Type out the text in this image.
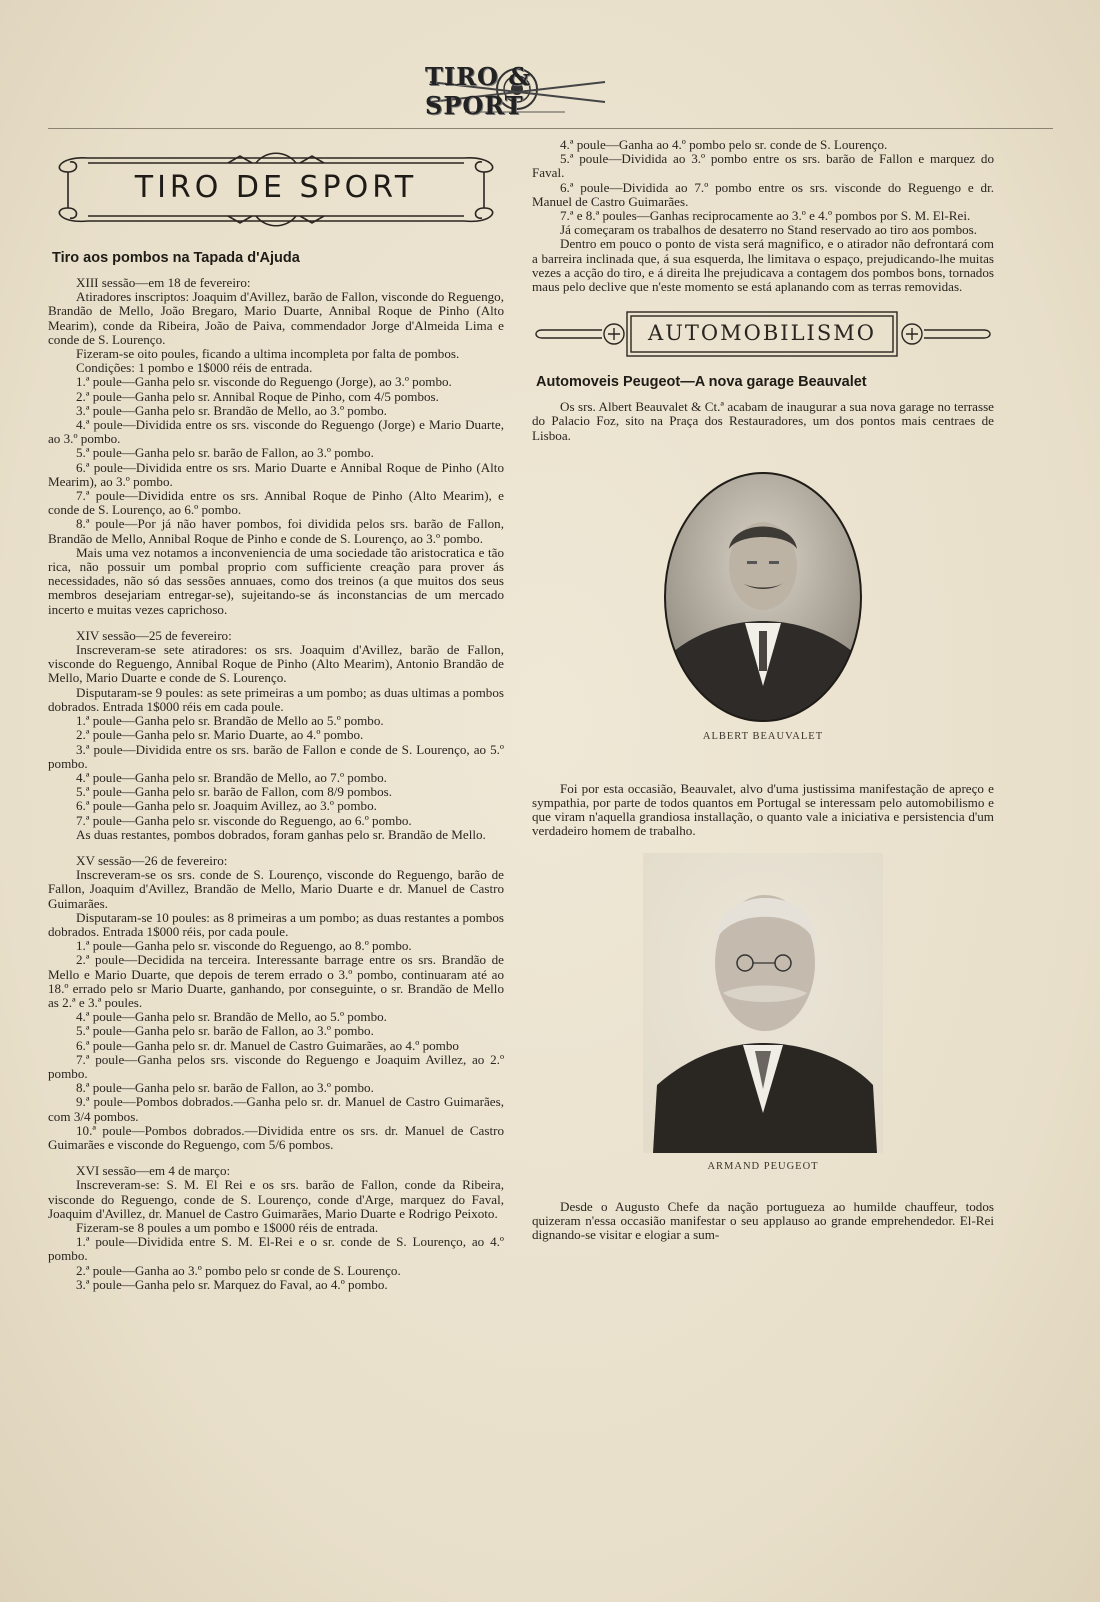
TIRO & SPORT
TIRO DE SPORT
Tiro aos pombos na Tapada d'Ajuda

XIII sessão—em 18 de fevereiro:

Atiradores inscriptos: Joaquim d'Avillez, barão de Fallon, visconde do Reguengo, Brandão de Mello, João Bregaro, Mario Duarte, Annibal Roque de Pinho (Alto Mearim), conde da Ribeira, João de Paiva, commendador Jorge d'Almeida Lima e conde de S. Lourenço.

Fizeram-se oito poules, ficando a ultima incompleta por falta de pombos.

Condições: 1 pombo e 1$000 réis de entrada.

1.ª poule—Ganha pelo sr. visconde do Reguengo (Jorge), ao 3.º pombo.

2.ª poule—Ganha pelo sr. Annibal Roque de Pinho, com 4/5 pombos.

3.ª poule—Ganha pelo sr. Brandão de Mello, ao 3.º pombo.

4.ª poule—Dividida entre os srs. visconde do Reguengo (Jorge) e Mario Duarte, ao 3.º pombo.

5.ª poule—Ganha pelo sr. barão de Fallon, ao 3.º pombo.

6.ª poule—Dividida entre os srs. Mario Duarte e Annibal Roque de Pinho (Alto Mearim), ao 3.º pombo.

7.ª poule—Dividida entre os srs. Annibal Roque de Pinho (Alto Mearim), e conde de S. Lourenço, ao 6.º pombo.

8.ª poule—Por já não haver pombos, foi dividida pelos srs. barão de Fallon, Brandão de Mello, Annibal Roque de Pinho e conde de S. Lourenço, ao 3.º pombo.

Mais uma vez notamos a inconveniencia de uma sociedade tão aristocratica e tão rica, não possuir um pombal proprio com sufficiente creação para prover ás necessidades, não só das sessões annuaes, como dos treinos (a que muitos dos seus membros desejariam entregar-se), sujeitando-se ás inconstancias de um mercado incerto e muitas vezes caprichoso.

XIV sessão—25 de fevereiro:

Inscreveram-se sete atiradores: os srs. Joaquim d'Avillez, barão de Fallon, visconde do Reguengo, Annibal Roque de Pinho (Alto Mearim), Antonio Brandão de Mello, Mario Duarte e conde de S. Lourenço.

Disputaram-se 9 poules: as sete primeiras a um pombo; as duas ultimas a pombos dobrados. Entrada 1$000 réis em cada poule.

1.ª poule—Ganha pelo sr. Brandão de Mello ao 5.º pombo.

2.ª poule—Ganha pelo sr. Mario Duarte, ao 4.º pombo.

3.ª poule—Dividida entre os srs. barão de Fallon e conde de S. Lourenço, ao 5.º pombo.

4.ª poule—Ganha pelo sr. Brandão de Mello, ao 7.º pombo.

5.ª poule—Ganha pelo sr. barão de Fallon, com 8/9 pombos.

6.ª poule—Ganha pelo sr. Joaquim Avillez, ao 3.º pombo.

7.ª poule—Ganha pelo sr. visconde do Reguengo, ao 6.º pombo.

As duas restantes, pombos dobrados, foram ganhas pelo sr. Brandão de Mello.

XV sessão—26 de fevereiro:

Inscreveram-se os srs. conde de S. Lourenço, visconde do Reguengo, barão de Fallon, Joaquim d'Avillez, Brandão de Mello, Mario Duarte e dr. Manuel de Castro Guimarães.

Disputaram-se 10 poules: as 8 primeiras a um pombo; as duas restantes a pombos dobrados. Entrada 1$000 réis, por cada poule.

1.ª poule—Ganha pelo sr. visconde do Reguengo, ao 8.º pombo.

2.ª poule—Decidida na terceira. Interessante barrage entre os srs. Brandão de Mello e Mario Duarte, que depois de terem errado o 3.º pombo, continuaram até ao 18.º errado pelo sr Mario Duarte, ganhando, por conseguinte, o sr. Brandão de Mello as 2.ª e 3.ª poules.

4.ª poule—Ganha pelo sr. Brandão de Mello, ao 5.º pombo.

5.ª poule—Ganha pelo sr. barão de Fallon, ao 3.º pombo.

6.ª poule—Ganha pelo sr. dr. Manuel de Castro Guimarães, ao 4.º pombo

7.ª poule—Ganha pelos srs. visconde do Reguengo e Joaquim Avillez, ao 2.º pombo.

8.ª poule—Ganha pelo sr. barão de Fallon, ao 3.º pombo.

9.ª poule—Pombos dobrados.—Ganha pelo sr. dr. Manuel de Castro Guimarães, com 3/4 pombos.

10.ª poule—Pombos dobrados.—Dividida entre os srs. dr. Manuel de Castro Guimarães e visconde do Reguengo, com 5/6 pombos.

XVI sessão—em 4 de março:

Inscreveram-se: S. M. El Rei e os srs. barão de Fallon, conde da Ribeira, visconde do Reguengo, conde de S. Lourenço, conde d'Arge, marquez do Faval, Joaquim d'Avillez, dr. Manuel de Castro Guimarães, Mario Duarte e Rodrigo Peixoto.

Fizeram-se 8 poules a um pombo e 1$000 réis de entrada.

1.ª poule—Dividida entre S. M. El-Rei e o sr. conde de S. Lourenço, ao 4.º pombo.

2.ª poule—Ganha ao 3.º pombo pelo sr conde de S. Lourenço.

3.ª poule—Ganha pelo sr. Marquez do Faval, ao 4.º pombo.

4.ª poule—Ganha ao 4.º pombo pelo sr. conde de S. Lourenço.

5.ª poule—Dividida ao 3.º pombo entre os srs. barão de Fallon e marquez do Faval.

6.ª poule—Dividida ao 7.º pombo entre os srs. visconde do Reguengo e dr. Manuel de Castro Guimarães.

7.ª e 8.ª poules—Ganhas reciprocamente ao 3.º e 4.º pombos por S. M. El-Rei.

Já começaram os trabalhos de desaterro no Stand reservado ao tiro aos pombos.

Dentro em pouco o ponto de vista será magnifico, e o atirador não defrontará com a barreira inclinada que, á sua esquerda, lhe limitava o espaço, prejudicando-lhe muitas vezes a acção do tiro, e á direita lhe prejudicava a contagem dos pombos bons, tornados maus pelo declive que n'este momento se está aplanando com as terras removidas.

AUTOMOBILISMO
Automoveis Peugeot—A nova garage Beauvalet

Os srs. Albert Beauvalet & Ct.ª acabam de inaugurar a sua nova garage no terrasse do Palacio Foz, sito na Praça dos Restauradores, um dos pontos mais centraes de Lisboa.

ALBERT BEAUVALET

Foi por esta occasião, Beauvalet, alvo d'uma justissima manifestação de apreço e sympathia, por parte de todos quantos em Portugal se interessam pelo automobilismo e que viram n'aquella grandiosa installação, o quanto vale a iniciativa e persistencia d'um verdadeiro homem de trabalho.

ARMAND PEUGEOT

Desde o Augusto Chefe da nação portugueza ao humilde chauffeur, todos quizeram n'essa occasião manifestar o seu applauso ao grande emprehendedor. El-Rei dignando-se visitar e elogiar a sum-
